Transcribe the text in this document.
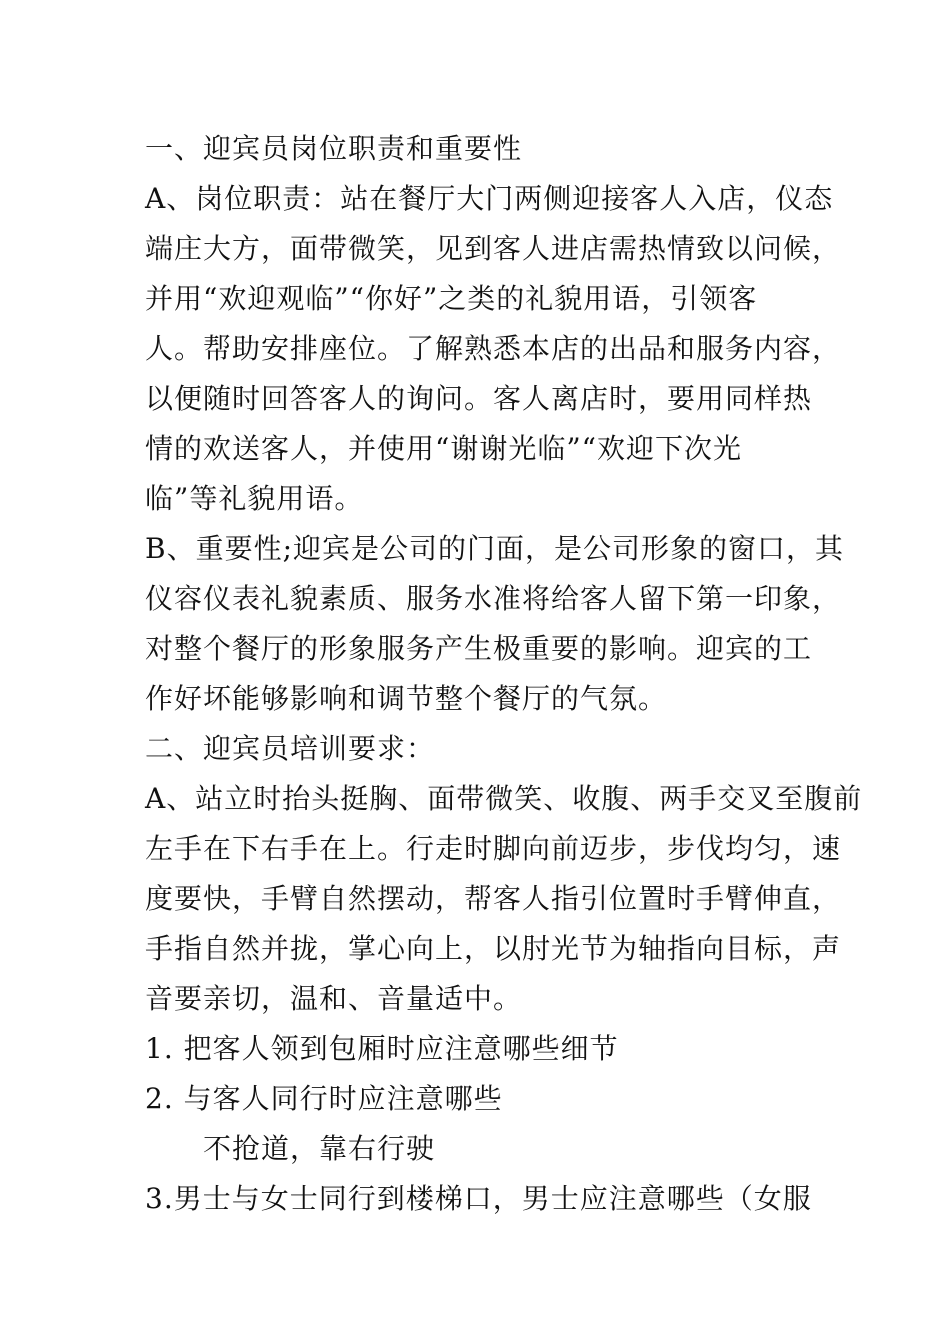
一、迎宾员岗位职责和重要性
A、岗位职责：站在餐厅大门两侧迎接客人入店，仪态
端庄大方，面带微笑，见到客人进店需热情致以问候，
并用“欢迎观临”“你好”之类的礼貌用语，引领客
人。帮助安排座位。了解熟悉本店的出品和服务内容，
以便随时回答客人的询问。客人离店时，要用同样热
情的欢送客人，并使用“谢谢光临”“欢迎下次光
临”等礼貌用语。
B、重要性;迎宾是公司的门面，是公司形象的窗口，其
仪容仪表礼貌素质、服务水准将给客人留下第一印象，
对整个餐厅的形象服务产生极重要的影响。迎宾的工
作好坏能够影响和调节整个餐厅的气氛。
二、迎宾员培训要求：
A、站立时抬头挺胸、面带微笑、收腹、两手交叉至腹前
左手在下右手在上。行走时脚向前迈步，步伐均匀，速
度要快，手臂自然摆动，帮客人指引位置时手臂伸直，
手指自然并拢，掌心向上，以肘光节为轴指向目标，声
音要亲切，温和、音量适中。
1. 把客人领到包厢时应注意哪些细节
2. 与客人同行时应注意哪些
不抢道，靠右行驶
3.男士与女士同行到楼梯口，男士应注意哪些（女服
